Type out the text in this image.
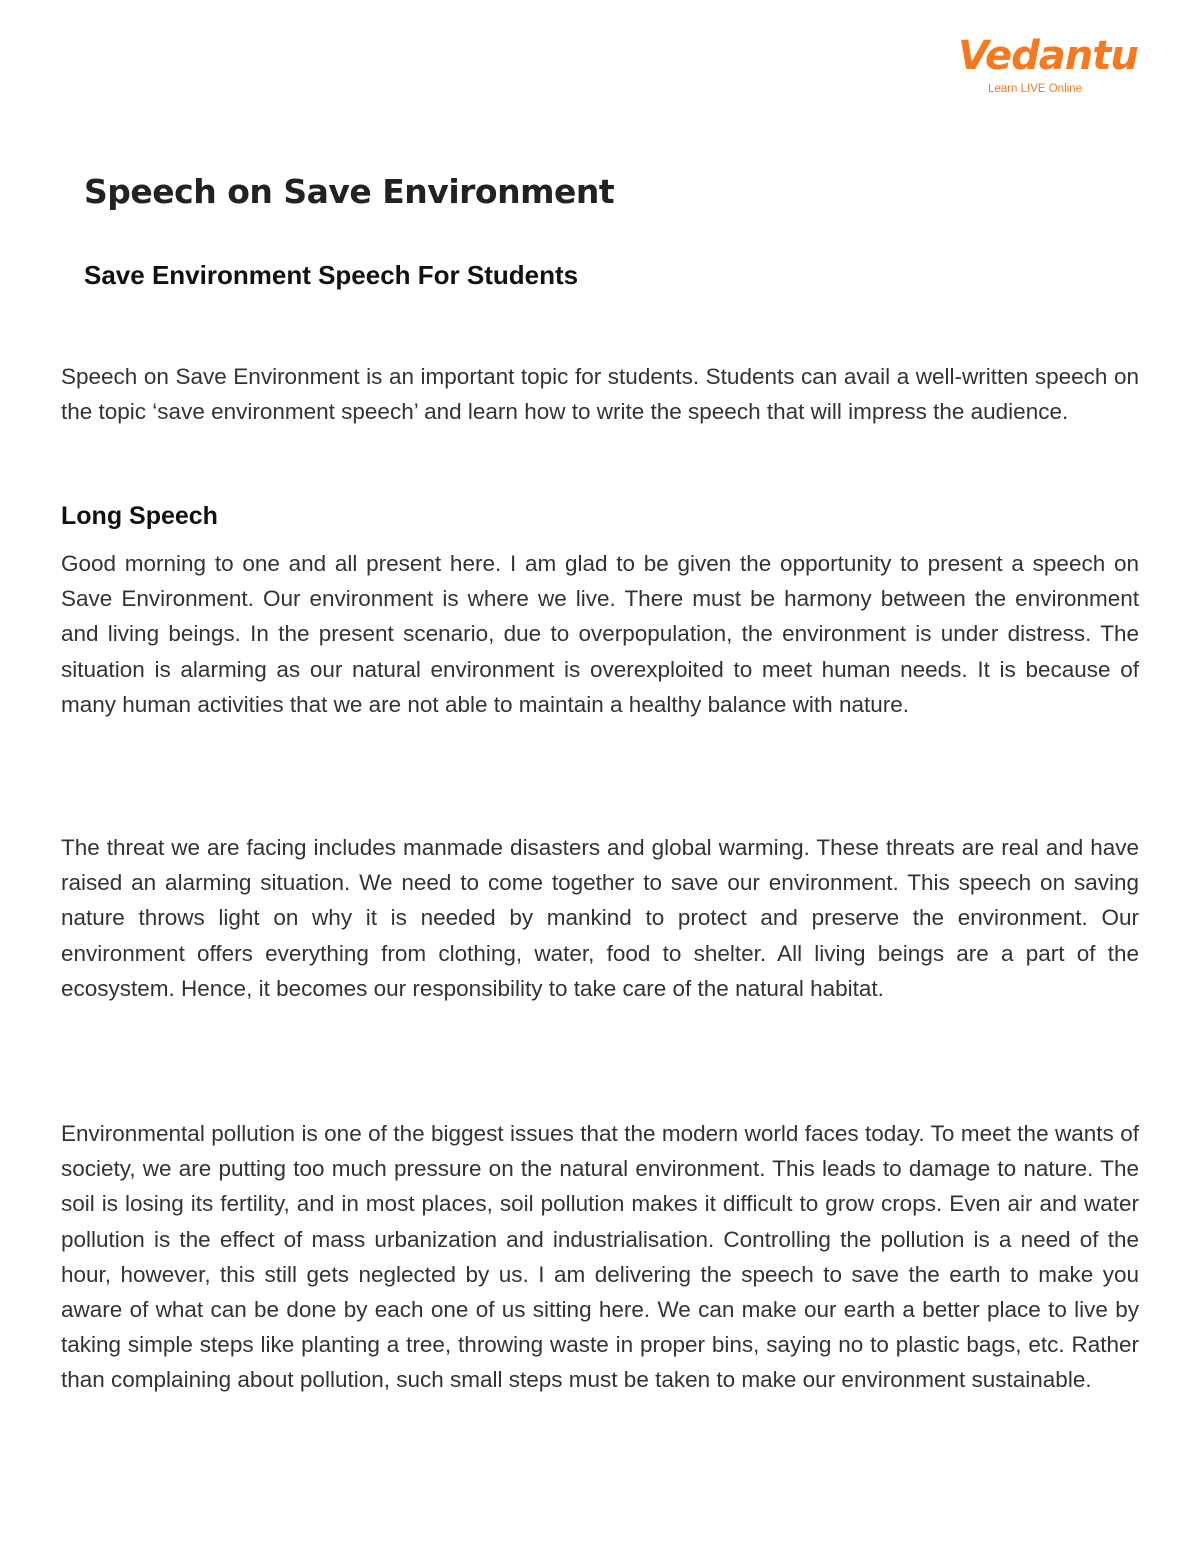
Vedantu
Learn LIVE Online
Speech on Save Environment
Save Environment Speech For Students

Speech on Save Environment is an important topic for students. Students can avail a well-written speech on the topic ‘save environment speech’ and learn how to write the speech that will impress the audience.

Long Speech

Good morning to one and all present here. I am glad to be given the opportunity to present a speech on Save Environment. Our environment is where we live. There must be harmony between the environment and living beings. In the present scenario, due to overpopulation, the environment is under distress. The situation is alarming as our natural environment is overexploited to meet human needs. It is because of many human activities that we are not able to maintain a healthy balance with nature.

The threat we are facing includes manmade disasters and global warming. These threats are real and have raised an alarming situation. We need to come together to save our environment. This speech on saving nature throws light on why it is needed by mankind to protect and preserve the environment. Our environment offers everything from clothing, water, food to shelter. All living beings are a part of the ecosystem. Hence, it becomes our responsibility to take care of the natural habitat.

Environmental pollution is one of the biggest issues that the modern world faces today. To meet the wants of society, we are putting too much pressure on the natural environment. This leads to damage to nature. The soil is losing its fertility, and in most places, soil pollution makes it difficult to grow crops. Even air and water pollution is the effect of mass urbanization and industrialisation. Controlling the pollution is a need of the hour, however, this still gets neglected by us. I am delivering the speech to save the earth to make you aware of what can be done by each one of us sitting here. We can make our earth a better place to live by taking simple steps like planting a tree, throwing waste in proper bins, saying no to plastic bags, etc. Rather than complaining about pollution, such small steps must be taken to make our environment sustainable.
